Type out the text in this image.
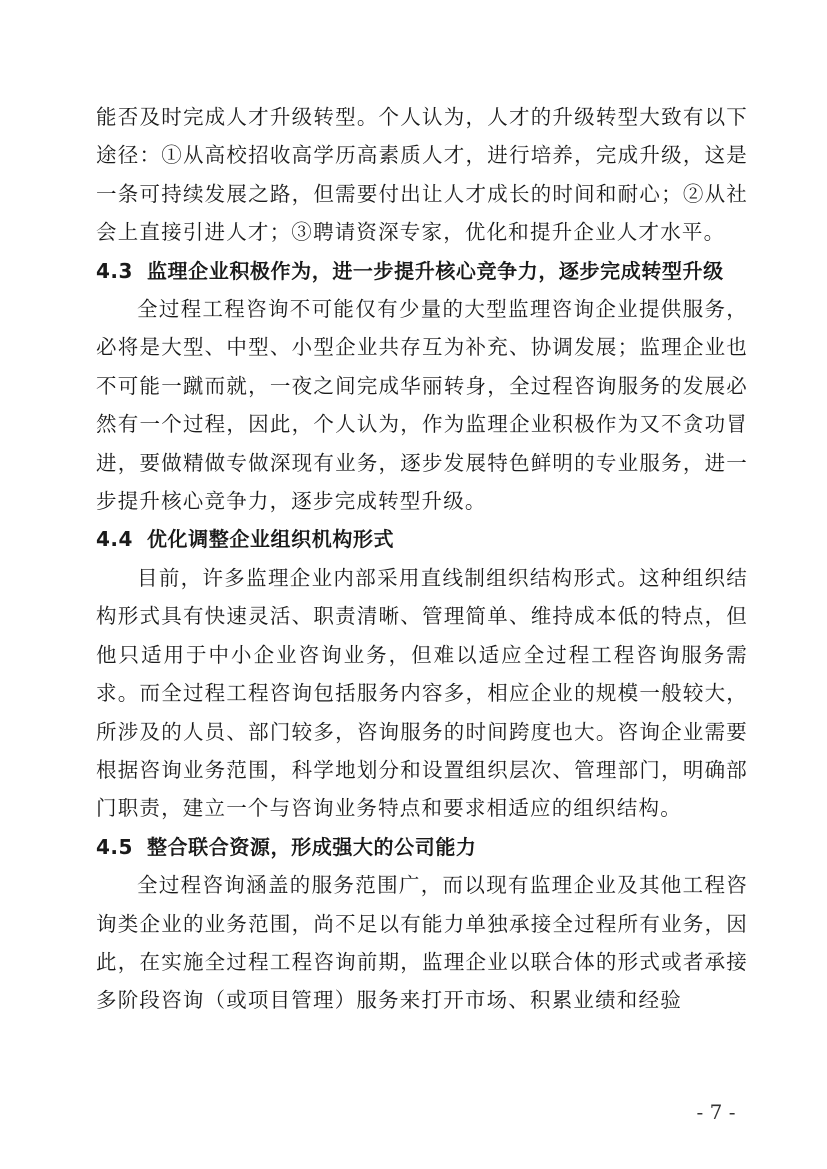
能否及时完成人才升级转型。个人认为，人才的升级转型大致有以下途径：①从高校招收高学历高素质人才，进行培养，完成升级，这是一条可持续发展之路，但需要付出让人才成长的时间和耐心；②从社会上直接引进人才；③聘请资深专家，优化和提升企业人才水平。

4.3 监理企业积极作为，进一步提升核心竞争力，逐步完成转型升级

全过程工程咨询不可能仅有少量的大型监理咨询企业提供服务，必将是大型、中型、小型企业共存互为补充、协调发展；监理企业也不可能一蹴而就，一夜之间完成华丽转身，全过程咨询服务的发展必然有一个过程，因此，个人认为，作为监理企业积极作为又不贪功冒进，要做精做专做深现有业务，逐步发展特色鲜明的专业服务，进一步提升核心竞争力，逐步完成转型升级。

4.4 优化调整企业组织机构形式

目前，许多监理企业内部采用直线制组织结构形式。这种组织结构形式具有快速灵活、职责清晰、管理简单、维持成本低的特点，但他只适用于中小企业咨询业务，但难以适应全过程工程咨询服务需求。而全过程工程咨询包括服务内容多，相应企业的规模一般较大，所涉及的人员、部门较多，咨询服务的时间跨度也大。咨询企业需要根据咨询业务范围，科学地划分和设置组织层次、管理部门，明确部门职责，建立一个与咨询业务特点和要求相适应的组织结构。

4.5 整合联合资源，形成强大的公司能力

全过程咨询涵盖的服务范围广，而以现有监理企业及其他工程咨询类企业的业务范围，尚不足以有能力单独承接全过程所有业务，因此，在实施全过程工程咨询前期，监理企业以联合体的形式或者承接多阶段咨询（或项目管理）服务来打开市场、积累业绩和经验

- 7 -
